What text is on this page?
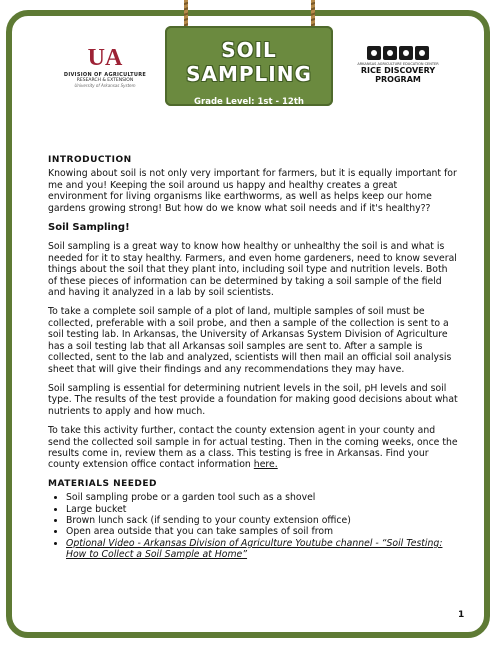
SOIL SAMPLING
Grade Level: 1st - 12th
Time Duration: 30 minutes
UA
DIVISION OF AGRICULTURE
RESEARCH & EXTENSION
University of Arkansas System
ARKANSAS AGRICULTURE EDUCATION CENTER
RICE DISCOVERY
PROGRAM
INTRODUCTION

Knowing about soil is not only very important for farmers, but it is equally important for me and you! Keeping the soil around us happy and healthy creates a great environment for living organisms like earthworms, as well as helps keep our home gardens growing strong! But how do we know what soil needs and if it's healthy??

Soil Sampling!

Soil sampling is a great way to know how healthy or unhealthy the soil is and what is needed for it to stay healthy. Farmers, and even home gardeners, need to know several things about the soil that they plant into, including soil type and nutrition levels. Both of these pieces of information can be determined by taking a soil sample of the field and having it analyzed in a lab by soil scientists.

To take a complete soil sample of a plot of land, multiple samples of soil must be collected, preferable with a soil probe, and then a sample of the collection is sent to a soil testing lab. In Arkansas, the University of Arkansas System Division of Agriculture has a soil testing lab that all Arkansas soil samples are sent to. After a sample is collected, sent to the lab and analyzed, scientists will then mail an official soil analysis sheet that will give their findings and any recommendations they may have.

Soil sampling is essential for determining nutrient levels in the soil, pH levels and soil type. The results of the test provide a foundation for making good decisions about what nutrients to apply and how much.

To take this activity further, contact the county extension agent in your county and send the collected soil sample in for actual testing. Then in the coming weeks, once the results come in, review them as a class. This testing is free in Arkansas. Find your county extension office contact information here.

MATERIALS NEEDED
• Soil sampling probe or a garden tool such as a shovel
• Large bucket
• Brown lunch sack (if sending to your county extension office)
• Open area outside that you can take samples of soil from
• Optional Video - Arkansas Division of Agriculture Youtube channel - “Soil Testing: How to Collect a Soil Sample at Home”
1
